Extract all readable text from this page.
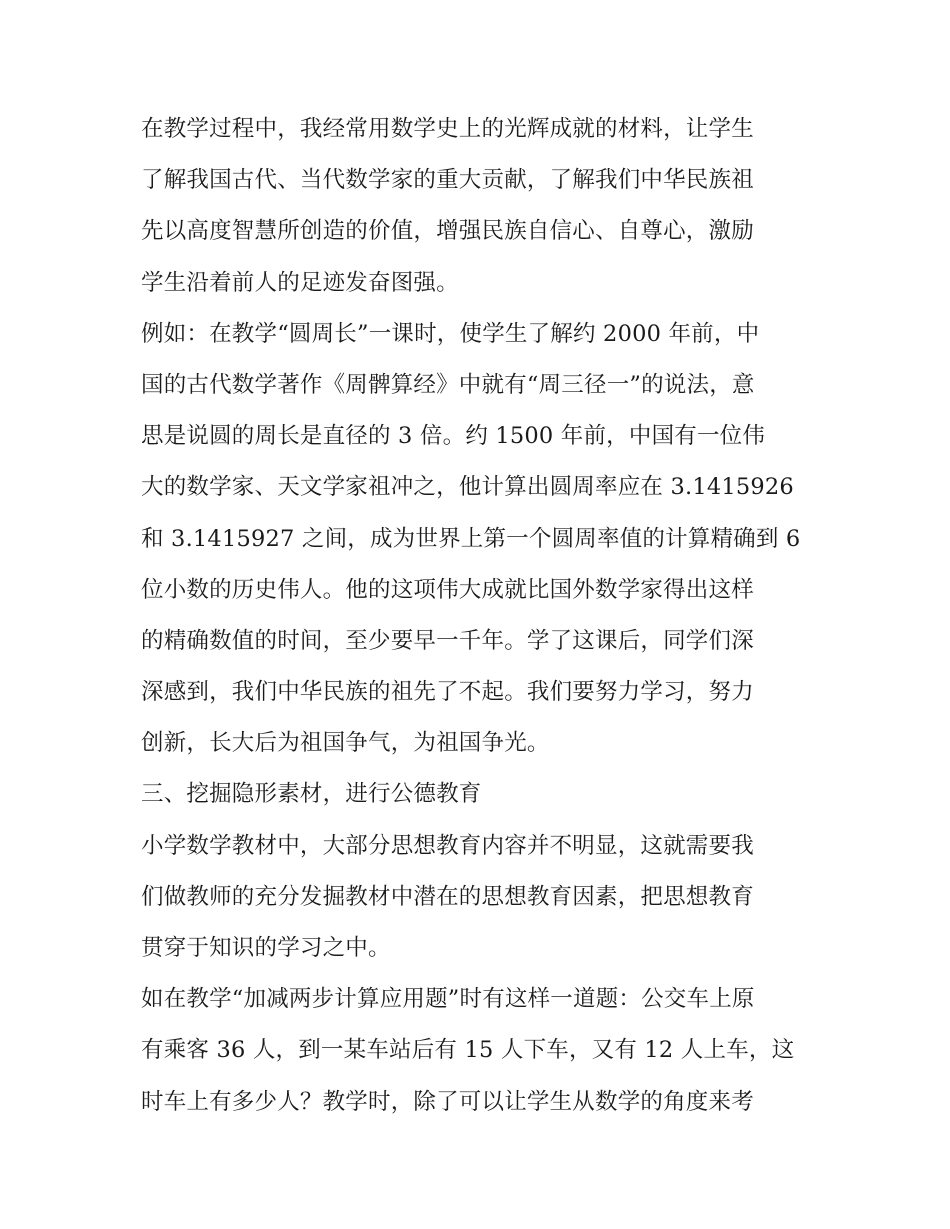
在教学过程中，我经常用数学史上的光辉成就的材料，让学生
了解我国古代、当代数学家的重大贡献，了解我们中华民族祖
先以高度智慧所创造的价值，增强民族自信心、自尊心，激励
学生沿着前人的足迹发奋图强。
例如：在教学“圆周长”一课时，使学生了解约 2000 年前，中
国的古代数学著作《周髀算经》中就有“周三径一”的说法，意
思是说圆的周长是直径的 3 倍。约 1500 年前，中国有一位伟
大的数学家、天文学家祖冲之，他计算出圆周率应在 3.1415926
和 3.1415927 之间，成为世界上第一个圆周率值的计算精确到 6
位小数的历史伟人。他的这项伟大成就比国外数学家得出这样
的精确数值的时间，至少要早一千年。学了这课后，同学们深
深感到，我们中华民族的祖先了不起。我们要努力学习，努力
创新，长大后为祖国争气，为祖国争光。
三、挖掘隐形素材，进行公德教育
小学数学教材中，大部分思想教育内容并不明显，这就需要我
们做教师的充分发掘教材中潜在的思想教育因素，把思想教育
贯穿于知识的学习之中。
如在教学“加减两步计算应用题”时有这样一道题：公交车上原
有乘客 36 人，到一某车站后有 15 人下车，又有 12 人上车，这
时车上有多少人？教学时，除了可以让学生从数学的角度来考
